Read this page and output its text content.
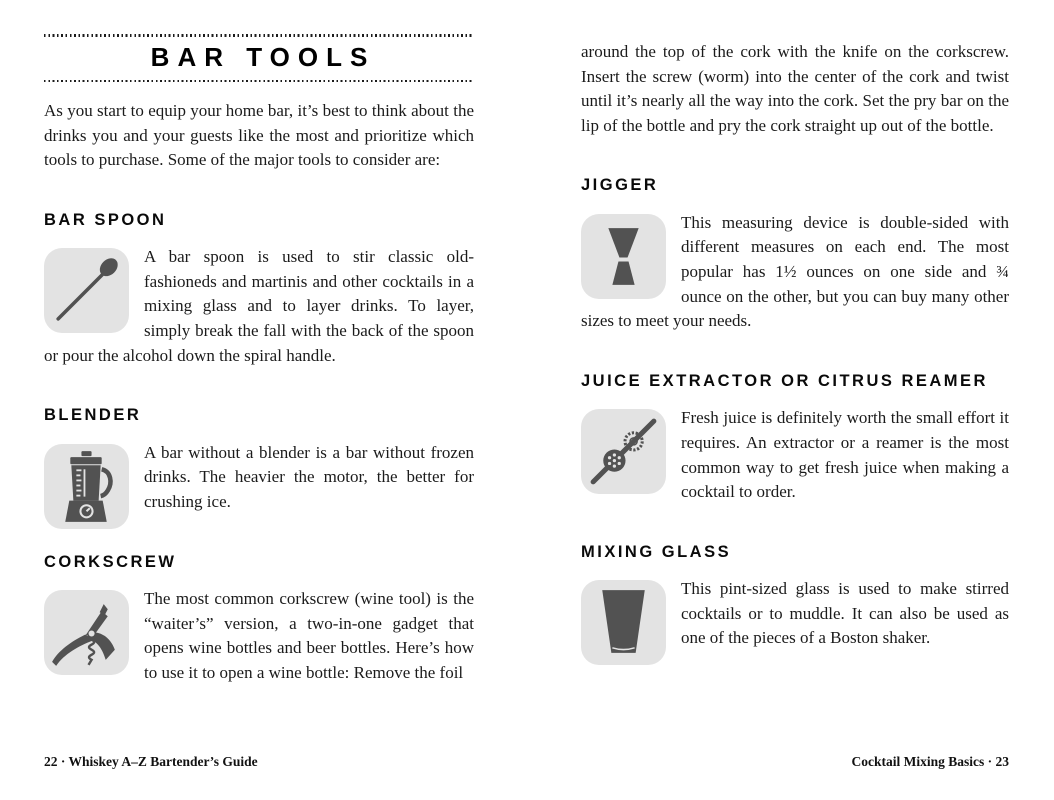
BAR TOOLS

As you start to equip your home bar, it’s best to think about the drinks you and your guests like the most and prioritize which tools to purchase. Some of the major tools to consider are:

BAR SPOON

A bar spoon is used to stir classic old-fashioneds and martinis and other cocktails in a mixing glass and to layer drinks. To layer, simply break the fall with the back of the spoon or pour the alcohol down the spiral handle.

BLENDER

A bar without a blender is a bar without frozen drinks. The heavier the motor, the better for crushing ice.

CORKSCREW

The most common corkscrew (wine tool) is the “waiter’s” version, a two-in-one gadget that opens wine bottles and beer bottles. Here’s how to use it to open a wine bottle: Remove the foil

22 · Whiskey A–Z Bartender’s Guide

around the top of the cork with the knife on the corkscrew. Insert the screw (worm) into the center of the cork and twist until it’s nearly all the way into the cork. Set the pry bar on the lip of the bottle and pry the cork straight up out of the bottle.

JIGGER

This measuring device is double-sided with different measures on each end. The most popular has 1½ ounces on one side and ¾ ounce on the other, but you can buy many other sizes to meet your needs.

JUICE EXTRACTOR OR CITRUS REAMER

Fresh juice is definitely worth the small effort it requires. An extractor or a reamer is the most common way to get fresh juice when making a cocktail to order.

MIXING GLASS

This pint-sized glass is used to make stirred cocktails or to muddle. It can also be used as one of the pieces of a Boston shaker.

Cocktail Mixing Basics · 23
